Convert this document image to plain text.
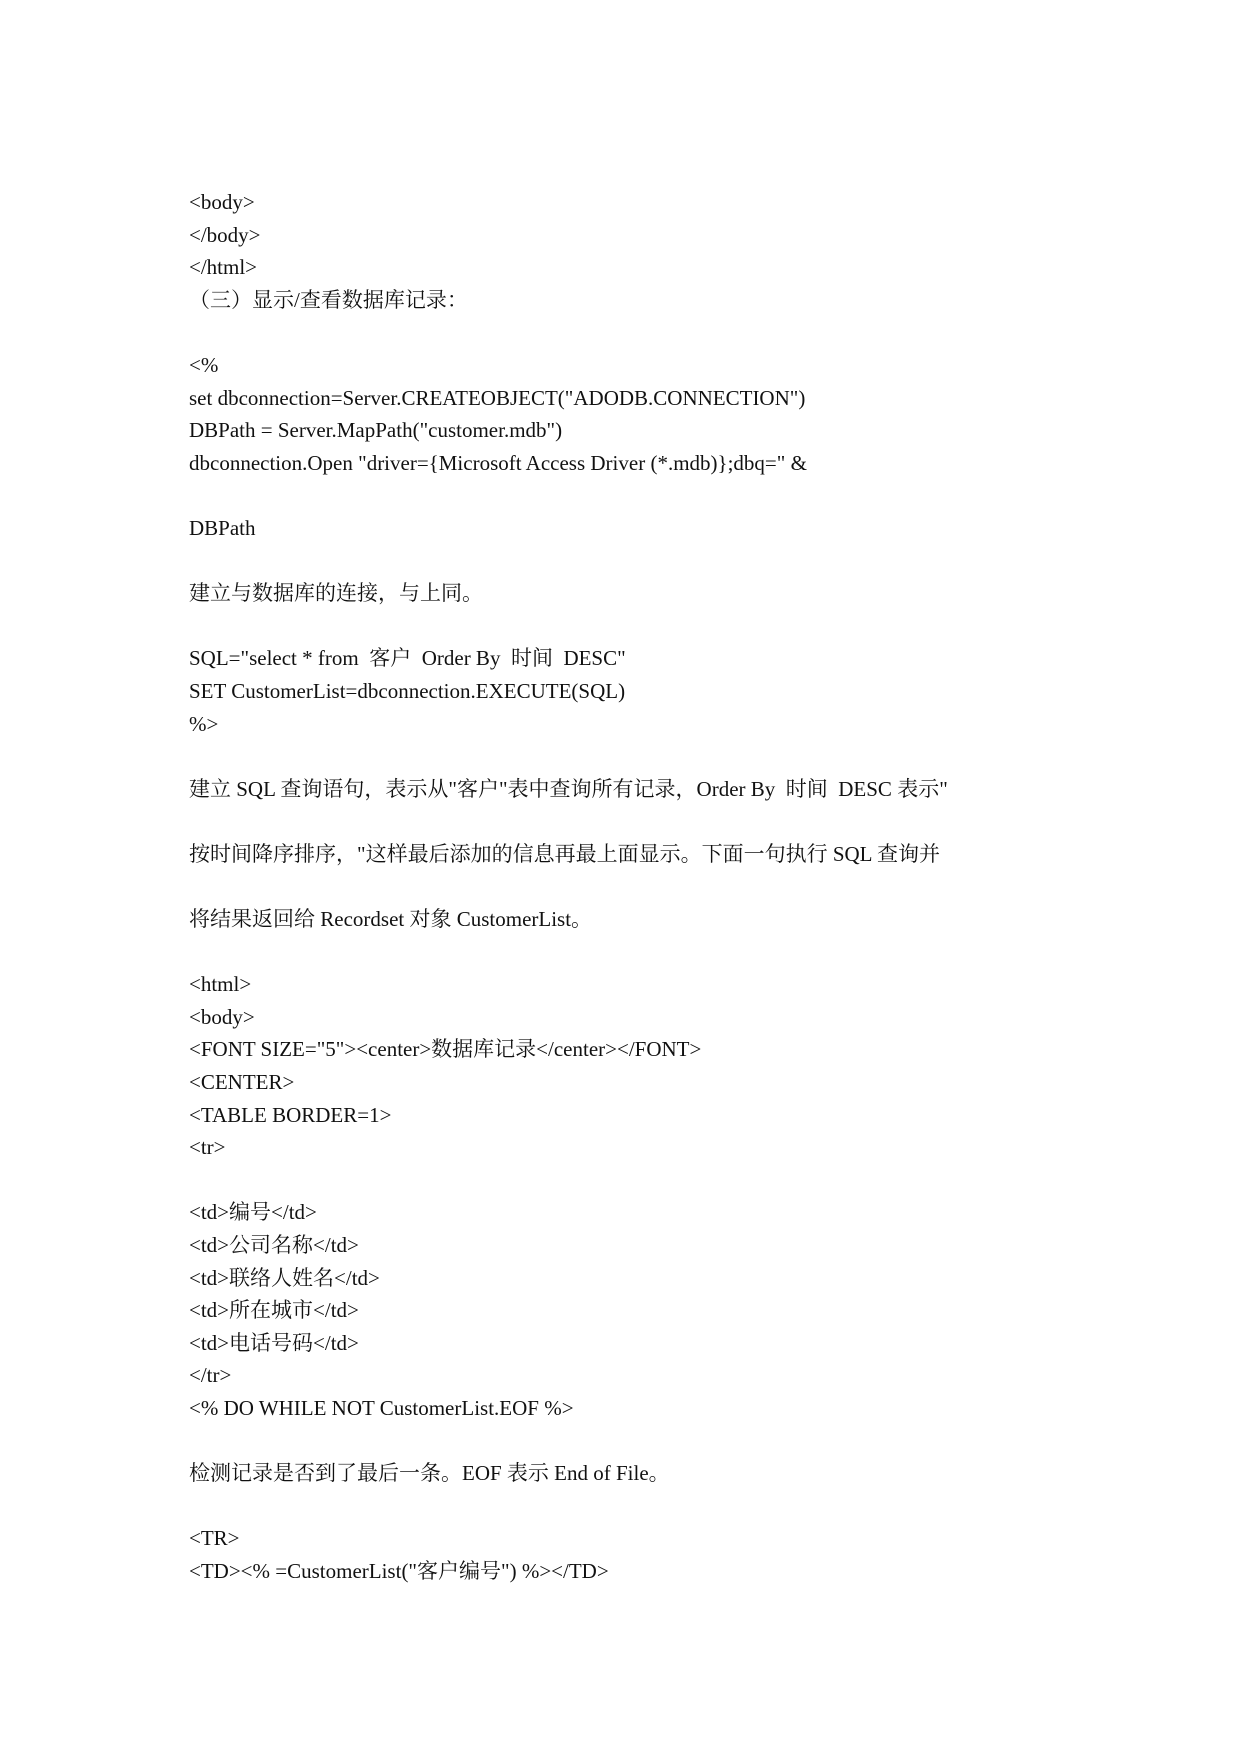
<body>
</body>
</html>
（三）显示/查看数据库记录：
<%
set dbconnection=Server.CREATEOBJECT("ADODB.CONNECTION")
DBPath = Server.MapPath("customer.mdb")
dbconnection.Open "driver={Microsoft Access Driver (*.mdb)};dbq=" &
DBPath
建立与数据库的连接，与上同。
SQL="select * from  客户  Order By  时间  DESC"
SET CustomerList=dbconnection.EXECUTE(SQL)
%>
建立 SQL 查询语句，表示从"客户"表中查询所有记录，Order By  时间  DESC 表示"
按时间降序排序，"这样最后添加的信息再最上面显示。下面一句执行 SQL 查询并
将结果返回给 Recordset 对象 CustomerList。
<html>
<body>
<FONT SIZE="5"><center>数据库记录</center></FONT>
<CENTER>
<TABLE BORDER=1>
<tr>
<td>编号</td>
<td>公司名称</td>
<td>联络人姓名</td>
<td>所在城市</td>
<td>电话号码</td>
</tr>
<% DO WHILE NOT CustomerList.EOF %>
检测记录是否到了最后一条。EOF 表示 End of File。
<TR>
<TD><% =CustomerList("客户编号") %></TD>
